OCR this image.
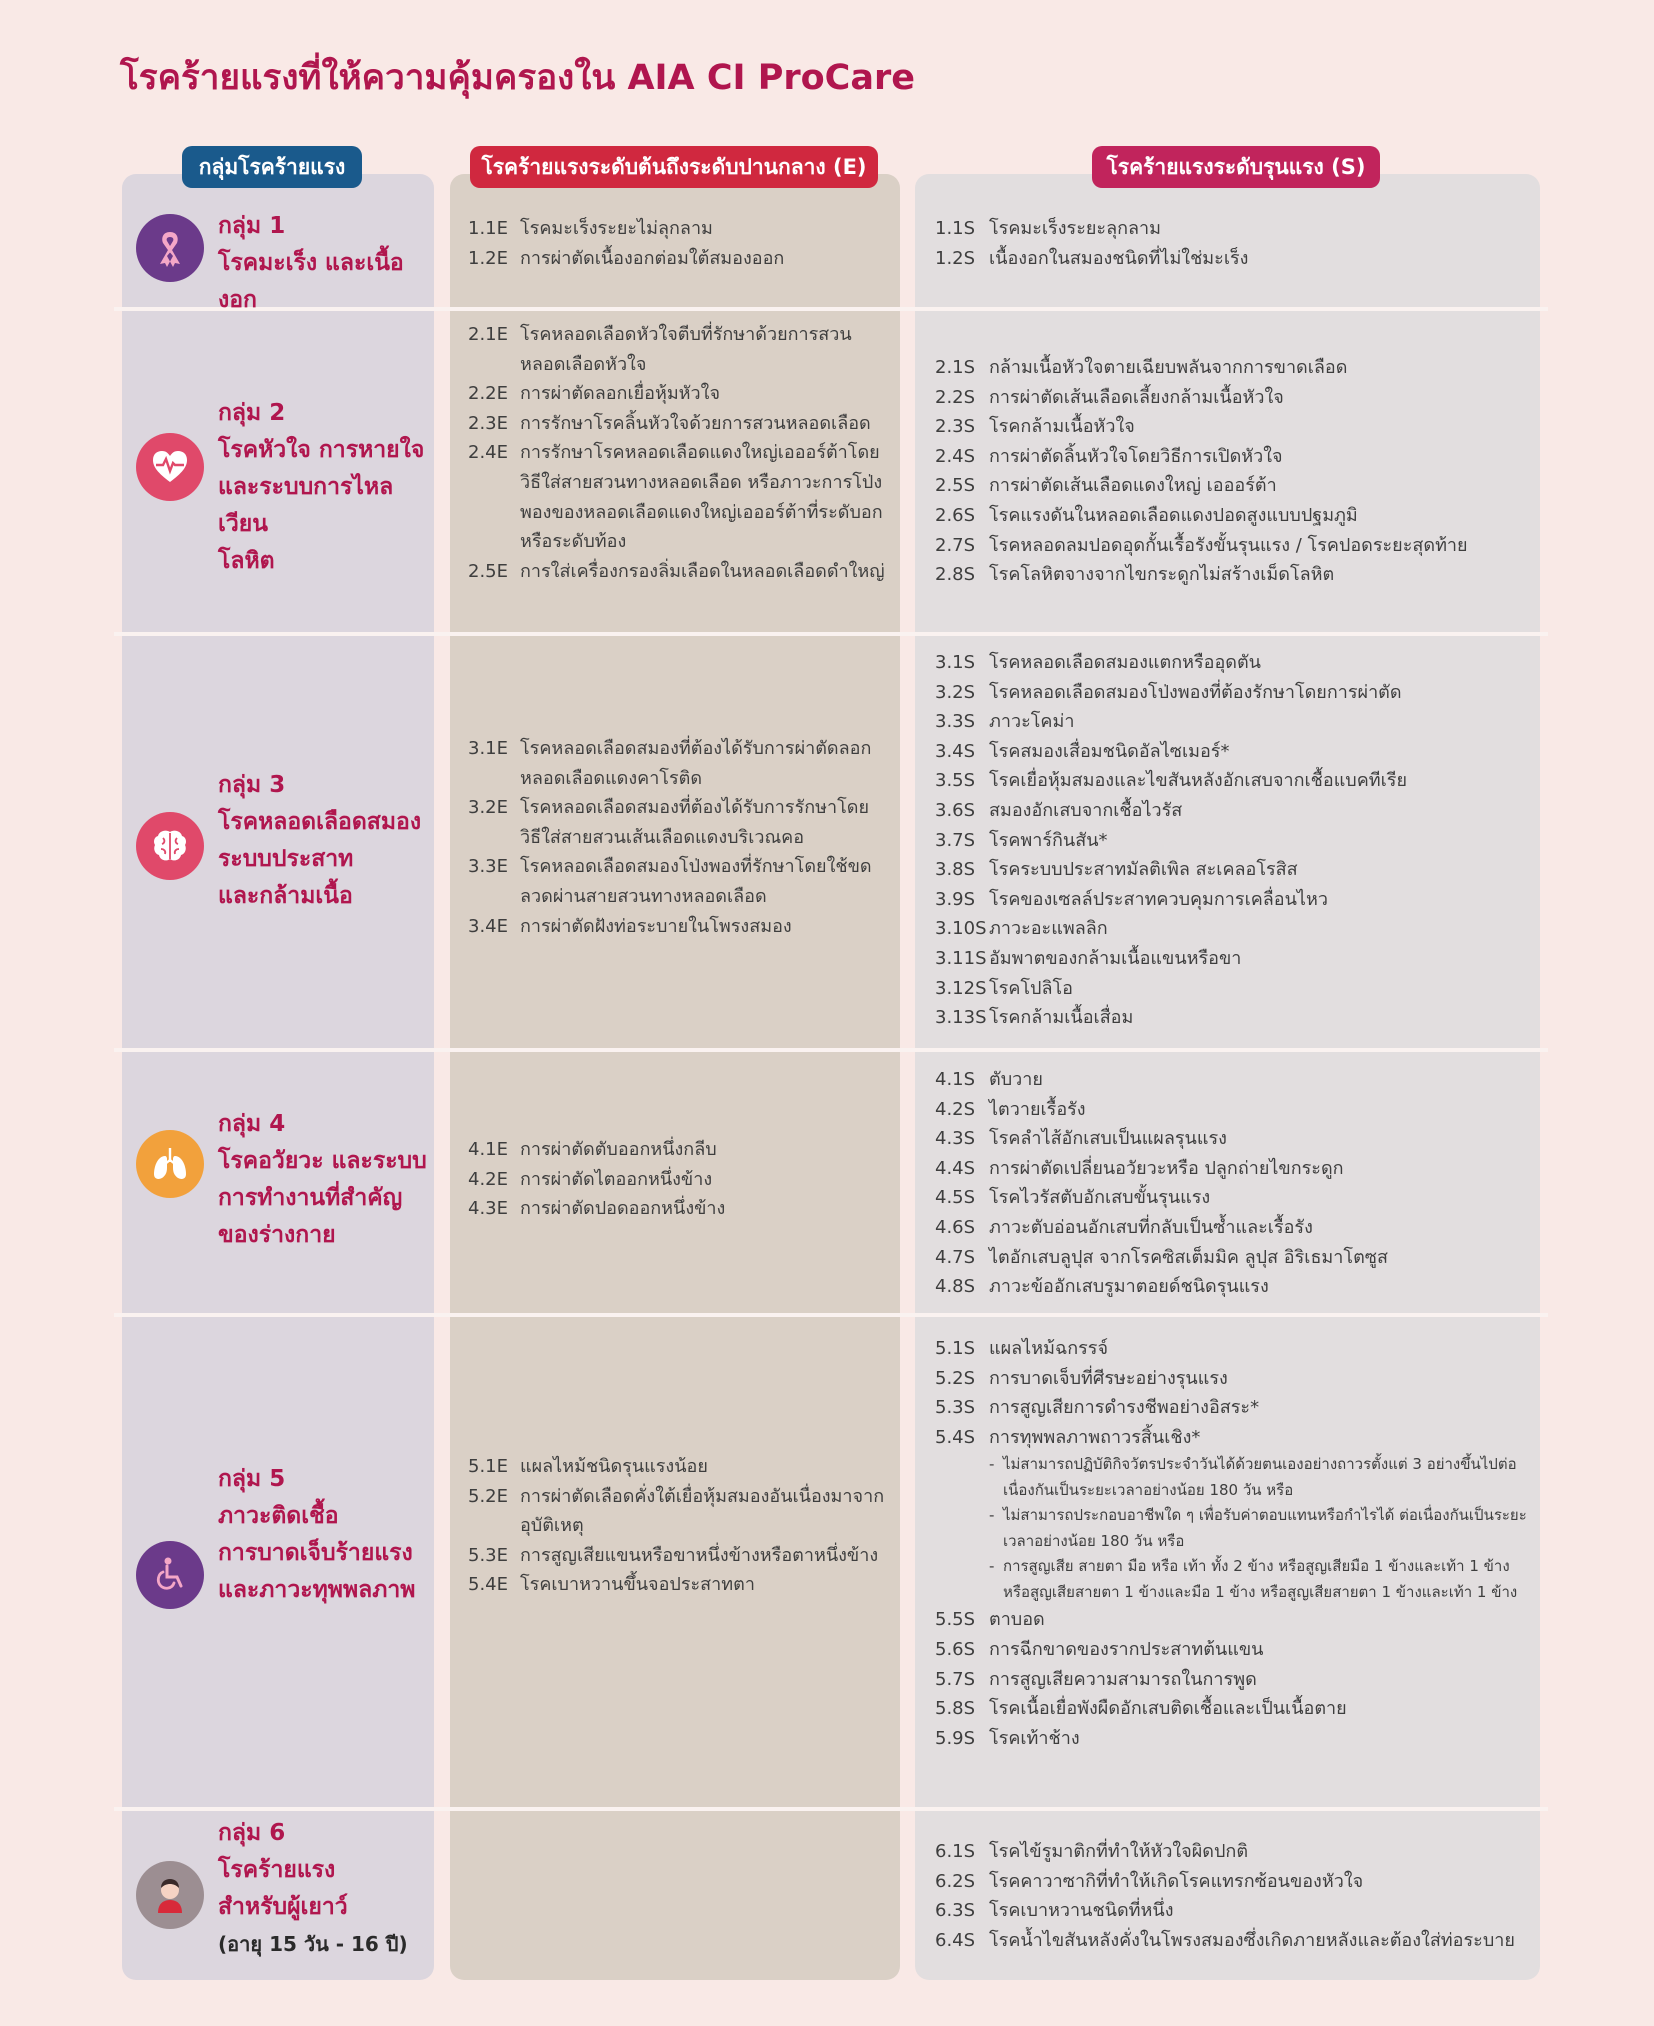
โรคร้ายแรงที่ให้ความคุ้มครองใน AIA CI ProCare
กลุ่มโรคร้ายแรง	โรคร้ายแรงระดับต้นถึงระดับปานกลาง (E)	โรคร้ายแรงระดับรุนแรง (S)
กลุ่ม 1
โรคมะเร็ง และเนื้องอก
1.1E โรคมะเร็งระยะไม่ลุกลาม
1.2E การผ่าตัดเนื้องอกต่อมใต้สมองออก
1.1S โรคมะเร็งระยะลุกลาม
1.2S เนื้องอกในสมองชนิดที่ไม่ใช่มะเร็ง
กลุ่ม 2
โรคหัวใจ การหายใจ
และระบบการไหลเวียน
โลหิต
2.1E โรคหลอดเลือดหัวใจตีบที่รักษาด้วยการสวนหลอดเลือดหัวใจ
2.2E การผ่าตัดลอกเยื่อหุ้มหัวใจ
2.3E การรักษาโรคลิ้นหัวใจด้วยการสวนหลอดเลือด
2.4E การรักษาโรคหลอดเลือดแดงใหญ่เอออร์ต้าโดยวิธีใส่สายสวนทางหลอดเลือด หรือภาวะการโป่งพองของหลอดเลือดแดงใหญ่เอออร์ต้าที่ระดับอกหรือระดับท้อง
2.5E การใส่เครื่องกรองลิ่มเลือดในหลอดเลือดดำใหญ่
2.1S กล้ามเนื้อหัวใจตายเฉียบพลันจากการขาดเลือด
2.2S การผ่าตัดเส้นเลือดเลี้ยงกล้ามเนื้อหัวใจ
2.3S โรคกล้ามเนื้อหัวใจ
2.4S การผ่าตัดลิ้นหัวใจโดยวิธีการเปิดหัวใจ
2.5S การผ่าตัดเส้นเลือดแดงใหญ่ เอออร์ต้า
2.6S โรคแรงดันในหลอดเลือดแดงปอดสูงแบบปฐมภูมิ
2.7S โรคหลอดลมปอดอุดกั้นเรื้อรังขั้นรุนแรง / โรคปอดระยะสุดท้าย
2.8S โรคโลหิตจางจากไขกระดูกไม่สร้างเม็ดโลหิต
กลุ่ม 3
โรคหลอดเลือดสมอง
ระบบประสาท
และกล้ามเนื้อ
3.1E โรคหลอดเลือดสมองที่ต้องได้รับการผ่าตัดลอกหลอดเลือดแดงคาโรติด
3.2E โรคหลอดเลือดสมองที่ต้องได้รับการรักษาโดยวิธีใส่สายสวนเส้นเลือดแดงบริเวณคอ
3.3E โรคหลอดเลือดสมองโป่งพองที่รักษาโดยใช้ขดลวดผ่านสายสวนทางหลอดเลือด
3.4E การผ่าตัดฝังท่อระบายในโพรงสมอง
3.1S โรคหลอดเลือดสมองแตกหรืออุดตัน
3.2S โรคหลอดเลือดสมองโป่งพองที่ต้องรักษาโดยการผ่าตัด
3.3S ภาวะโคม่า
3.4S โรคสมองเสื่อมชนิดอัลไซเมอร์*
3.5S โรคเยื่อหุ้มสมองและไขสันหลังอักเสบจากเชื้อแบคทีเรีย
3.6S สมองอักเสบจากเชื้อไวรัส
3.7S โรคพาร์กินสัน*
3.8S โรคระบบประสาทมัลติเพิล สะเคลอโรสิส
3.9S โรคของเซลล์ประสาทควบคุมการเคลื่อนไหว
3.10S ภาวะอะแพลลิก
3.11S อัมพาตของกล้ามเนื้อแขนหรือขา
3.12S โรคโปลิโอ
3.13S โรคกล้ามเนื้อเสื่อม
กลุ่ม 4
โรคอวัยวะ และระบบ
การทำงานที่สำคัญ
ของร่างกาย
4.1E การผ่าตัดตับออกหนึ่งกลีบ
4.2E การผ่าตัดไตออกหนึ่งข้าง
4.3E การผ่าตัดปอดออกหนึ่งข้าง
4.1S ตับวาย
4.2S ไตวายเรื้อรัง
4.3S โรคลำไส้อักเสบเป็นแผลรุนแรง
4.4S การผ่าตัดเปลี่ยนอวัยวะหรือ ปลูกถ่ายไขกระดูก
4.5S โรคไวรัสตับอักเสบขั้นรุนแรง
4.6S ภาวะตับอ่อนอักเสบที่กลับเป็นซ้ำและเรื้อรัง
4.7S ไตอักเสบลูปุส จากโรคซิสเต็มมิค ลูปุส อิริเธมาโตซูส
4.8S ภาวะข้ออักเสบรูมาตอยด์ชนิดรุนแรง
กลุ่ม 5
ภาวะติดเชื้อ
การบาดเจ็บร้ายแรง
และภาวะทุพพลภาพ
5.1E แผลไหม้ชนิดรุนแรงน้อย
5.2E การผ่าตัดเลือดคั่งใต้เยื่อหุ้มสมองอันเนื่องมาจากอุบัติเหตุ
5.3E การสูญเสียแขนหรือขาหนึ่งข้างหรือตาหนึ่งข้าง
5.4E โรคเบาหวานขึ้นจอประสาทตา
5.1S แผลไหม้ฉกรรจ์
5.2S การบาดเจ็บที่ศีรษะอย่างรุนแรง
5.3S การสูญเสียการดำรงชีพอย่างอิสระ*
5.4S การทุพพลภาพถาวรสิ้นเชิง*
- ไม่สามารถปฏิบัติกิจวัตรประจำวันได้ด้วยตนเองอย่างถาวรตั้งแต่ 3 อย่างขึ้นไปต่อเนื่องกันเป็นระยะเวลาอย่างน้อย 180 วัน หรือ
- ไม่สามารถประกอบอาชีพใด ๆ เพื่อรับค่าตอบแทนหรือกำไรได้ ต่อเนื่องกันเป็นระยะเวลาอย่างน้อย 180 วัน หรือ
- การสูญเสีย สายตา มือ หรือ เท้า ทั้ง 2 ข้าง หรือสูญเสียมือ 1 ข้างและเท้า 1 ข้าง หรือสูญเสียสายตา 1 ข้างและมือ 1 ข้าง หรือสูญเสียสายตา 1 ข้างและเท้า 1 ข้าง
5.5S ตาบอด
5.6S การฉีกขาดของรากประสาทต้นแขน
5.7S การสูญเสียความสามารถในการพูด
5.8S โรคเนื้อเยื่อพังผืดอักเสบติดเชื้อและเป็นเนื้อตาย
5.9S โรคเท้าช้าง
กลุ่ม 6
โรคร้ายแรง
สำหรับผู้เยาว์
(อายุ 15 วัน - 16 ปี)
6.1S โรคไข้รูมาติกที่ทำให้หัวใจผิดปกติ
6.2S โรคคาวาซากิที่ทำให้เกิดโรคแทรกซ้อนของหัวใจ
6.3S โรคเบาหวานชนิดที่หนึ่ง
6.4S โรคน้ำไขสันหลังคั่งในโพรงสมองซึ่งเกิดภายหลังและต้องใส่ท่อระบาย
